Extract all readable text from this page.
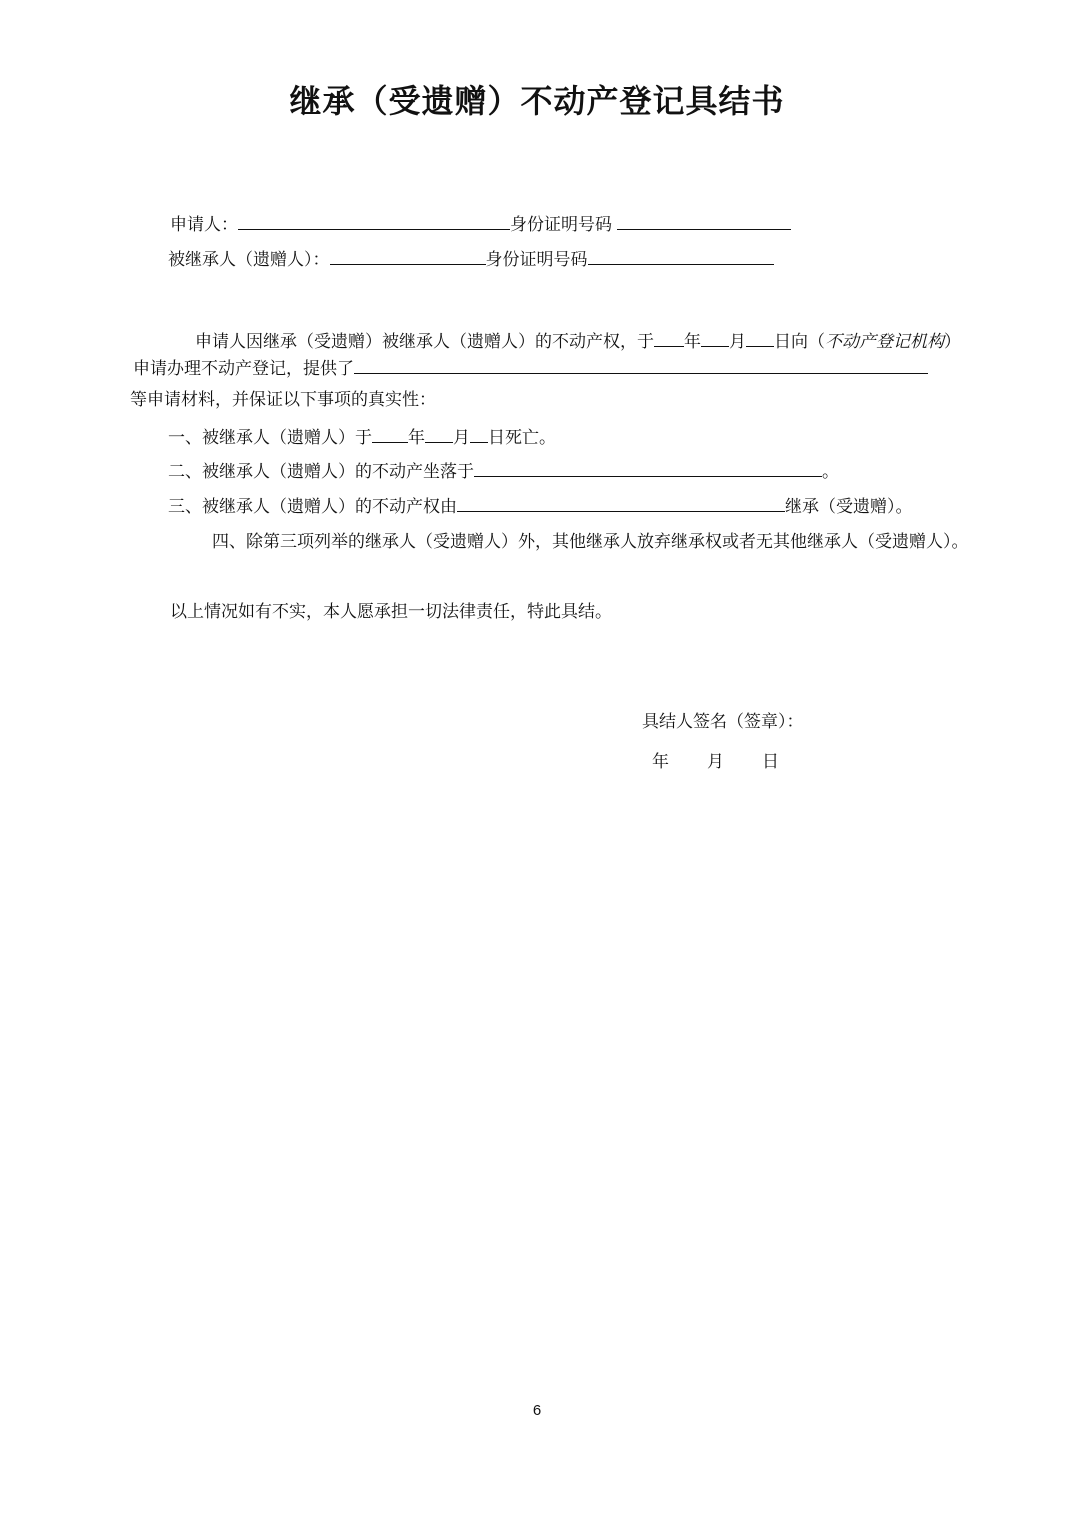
继承（受遗赠）不动产登记具结书
申请人：	身份证明号码
被继承人（遗赠人）：	身份证明号码
申请人因继承（受遗赠）被继承人（遗赠人）的不动产权，于 年 月 日向（不动产登记机构）
申请办理不动产登记，提供了
等申请材料，并保证以下事项的真实性：
一、被继承人（遗赠人）于 年 月 日死亡。
二、被继承人（遗赠人）的不动产坐落于	。
三、被继承人（遗赠人）的不动产权由	继承（受遗赠）。
四、除第三项列举的继承人（受遗赠人）外，其他继承人放弃继承权或者无其他继承人（受遗赠人）。
以上情况如有不实，本人愿承担一切法律责任，特此具结。
具结人签名（签章）：
年 月 日
6
